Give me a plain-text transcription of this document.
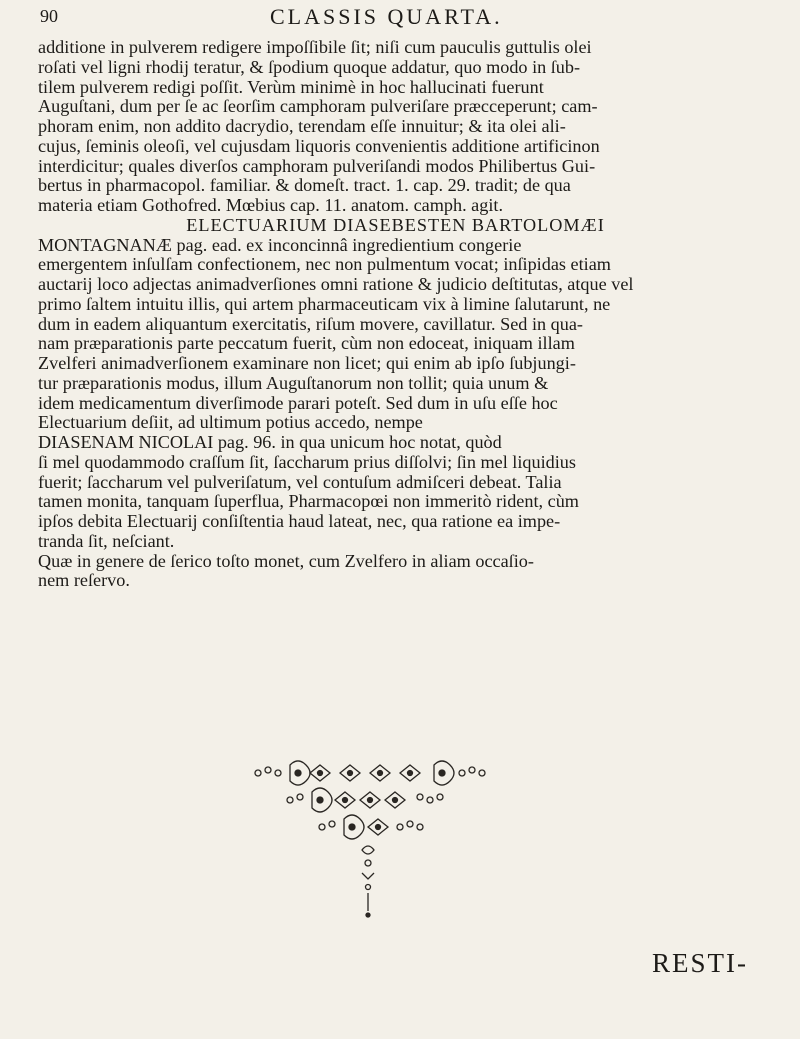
90	CLASSIS QUARTA.
additione in pulverem redigere impoſſibile ſit; niſi cum pauculis guttulis olei
roſati vel ligni rhodij teratur, & ſpodium quoque addatur, quo modo in ſub-
tilem pulverem redigi poſſit. Verùm minimè in hoc hallucinati fuerunt
Auguſtani, dum per ſe ac ſeorſim camphoram pulveriſare præcceperunt; cam-
phoram enim, non addito dacrydio, terendam eſſe innuitur; & ita olei ali-
cujus, ſeminis oleoſi, vel cujusdam liquoris convenientis additione artificinon
interdicitur; quales diverſos camphoram pulveriſandi modos Philibertus Gui-
bertus in pharmacopol. familiar. & domeſt. tract. 1. cap. 29. tradit; de qua
materia etiam Gothofred. Mœbius cap. 11. anatom. camph. agit.
ELECTUARIUM DIASEBESTEN BARTOLOMÆI
MONTAGNANÆ pag. ead. ex inconcinnâ ingredientium congerie
emergentem inſulſam confectionem, nec non pulmentum vocat; inſipidas etiam
auctarij loco adjectas animadverſiones omni ratione & judicio deſtitutas, atque vel
primo ſaltem intuitu illis, qui artem pharmaceuticam vix à limine ſalutarunt, ne
dum in eadem aliquantum exercitatis, riſum movere, cavillatur. Sed in qua-
nam præparationis parte peccatum fuerit, cùm non edoceat, iniquam illam
Zvelferi animadverſionem examinare non licet; qui enim ab ipſo ſubjungi-
tur præparationis modus, illum Auguſtanorum non tollit; quia unum &
idem medicamentum diverſimode parari poteſt. Sed dum in uſu eſſe hoc
Electuarium deſiit, ad ultimum potius accedo, nempe
DIASENAM NICOLAI pag. 96. in qua unicum hoc notat, quòd
ſi mel quodammodo craſſum ſit, ſaccharum prius diſſolvi; ſin mel liquidius
fuerit; ſaccharum vel pulveriſatum, vel contuſum admiſceri debeat. Talia
tamen monita, tanquam ſuperflua, Pharmacopœi non immeritò rident, cùm
ipſos debita Electuarij conſiſtentia haud lateat, nec, qua ratione ea impe-
tranda ſit, neſciant.
Quæ in genere de ſerico toſto monet, cum Zvelfero in aliam occaſio-
nem reſervo.
RESTI-
